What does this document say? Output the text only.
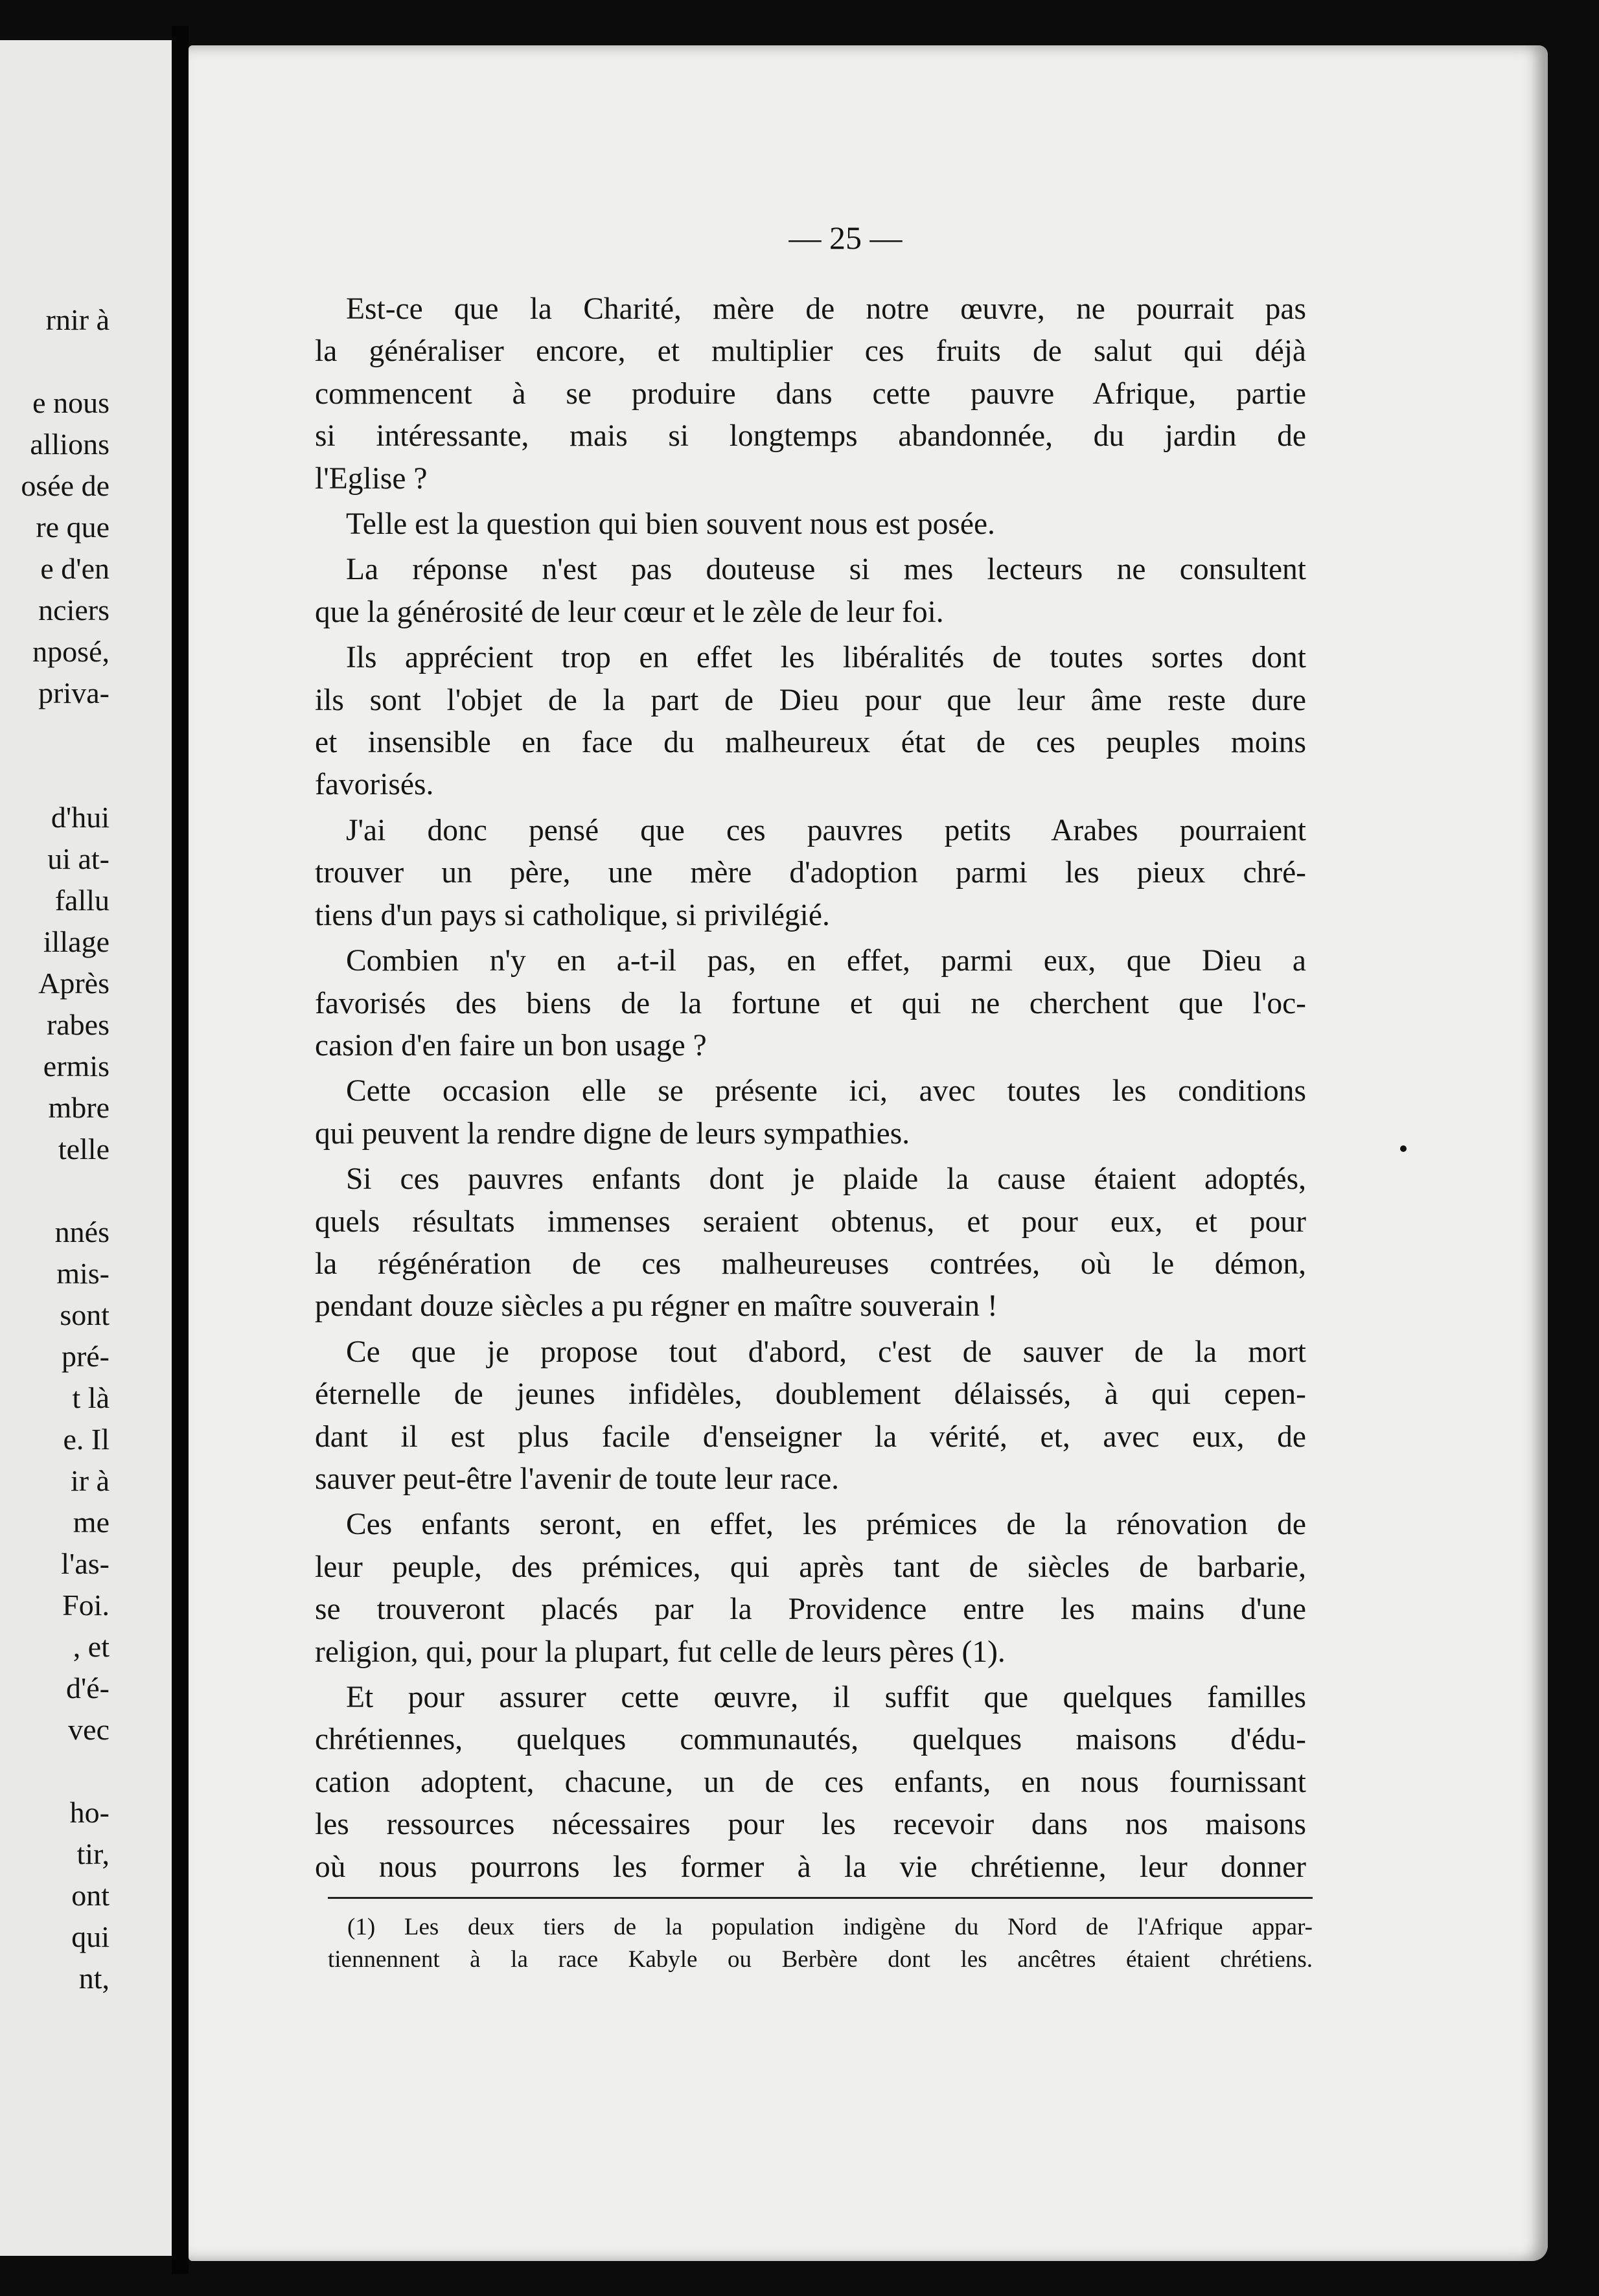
rnir à
e nous
allions
osée de
re que
e d'en
nciers
nposé,
priva-
d'hui
ui at-
fallu
illage
Après
rabes
ermis
mbre
telle
nnés
mis-
sont
pré-
t là
e. Il
ir à
me
l'as-
Foi.
, et
d'é-
vec
ho-
tir,
ont
qui
nt,
— 25 —
Est-ce que la Charité, mère de notre œuvre, ne pourrait pas
la généraliser encore, et multiplier ces fruits de salut qui déjà
commencent à se produire dans cette pauvre Afrique, partie
si intéressante, mais si longtemps abandonnée, du jardin de
l'Eglise ?
Telle est la question qui bien souvent nous est posée.
La réponse n'est pas douteuse si mes lecteurs ne consultent
que la générosité de leur cœur et le zèle de leur foi.
Ils apprécient trop en effet les libéralités de toutes sortes dont
ils sont l'objet de la part de Dieu pour que leur âme reste dure
et insensible en face du malheureux état de ces peuples moins
favorisés.
J'ai donc pensé que ces pauvres petits Arabes pourraient
trouver un père, une mère d'adoption parmi les pieux chré-
tiens d'un pays si catholique, si privilégié.
Combien n'y en a-t-il pas, en effet, parmi eux, que Dieu a
favorisés des biens de la fortune et qui ne cherchent que l'oc-
casion d'en faire un bon usage ?
Cette occasion elle se présente ici, avec toutes les conditions
qui peuvent la rendre digne de leurs sympathies.
Si ces pauvres enfants dont je plaide la cause étaient adoptés,
quels résultats immenses seraient obtenus, et pour eux, et pour
la régénération de ces malheureuses contrées, où le démon,
pendant douze siècles a pu régner en maître souverain !
Ce que je propose tout d'abord, c'est de sauver de la mort
éternelle de jeunes infidèles, doublement délaissés, à qui cepen-
dant il est plus facile d'enseigner la vérité, et, avec eux, de
sauver peut-être l'avenir de toute leur race.
Ces enfants seront, en effet, les prémices de la rénovation de
leur peuple, des prémices, qui après tant de siècles de barbarie,
se trouveront placés par la Providence entre les mains d'une
religion, qui, pour la plupart, fut celle de leurs pères (1).
Et pour assurer cette œuvre, il suffit que quelques familles
chrétiennes, quelques communautés, quelques maisons d'édu-
cation adoptent, chacune, un de ces enfants, en nous fournissant
les ressources nécessaires pour les recevoir dans nos maisons
où nous pourrons les former à la vie chrétienne, leur donner
(1) Les deux tiers de la population indigène du Nord de l'Afrique appar-
tiennennent à la race Kabyle ou Berbère dont les ancêtres étaient chrétiens.
